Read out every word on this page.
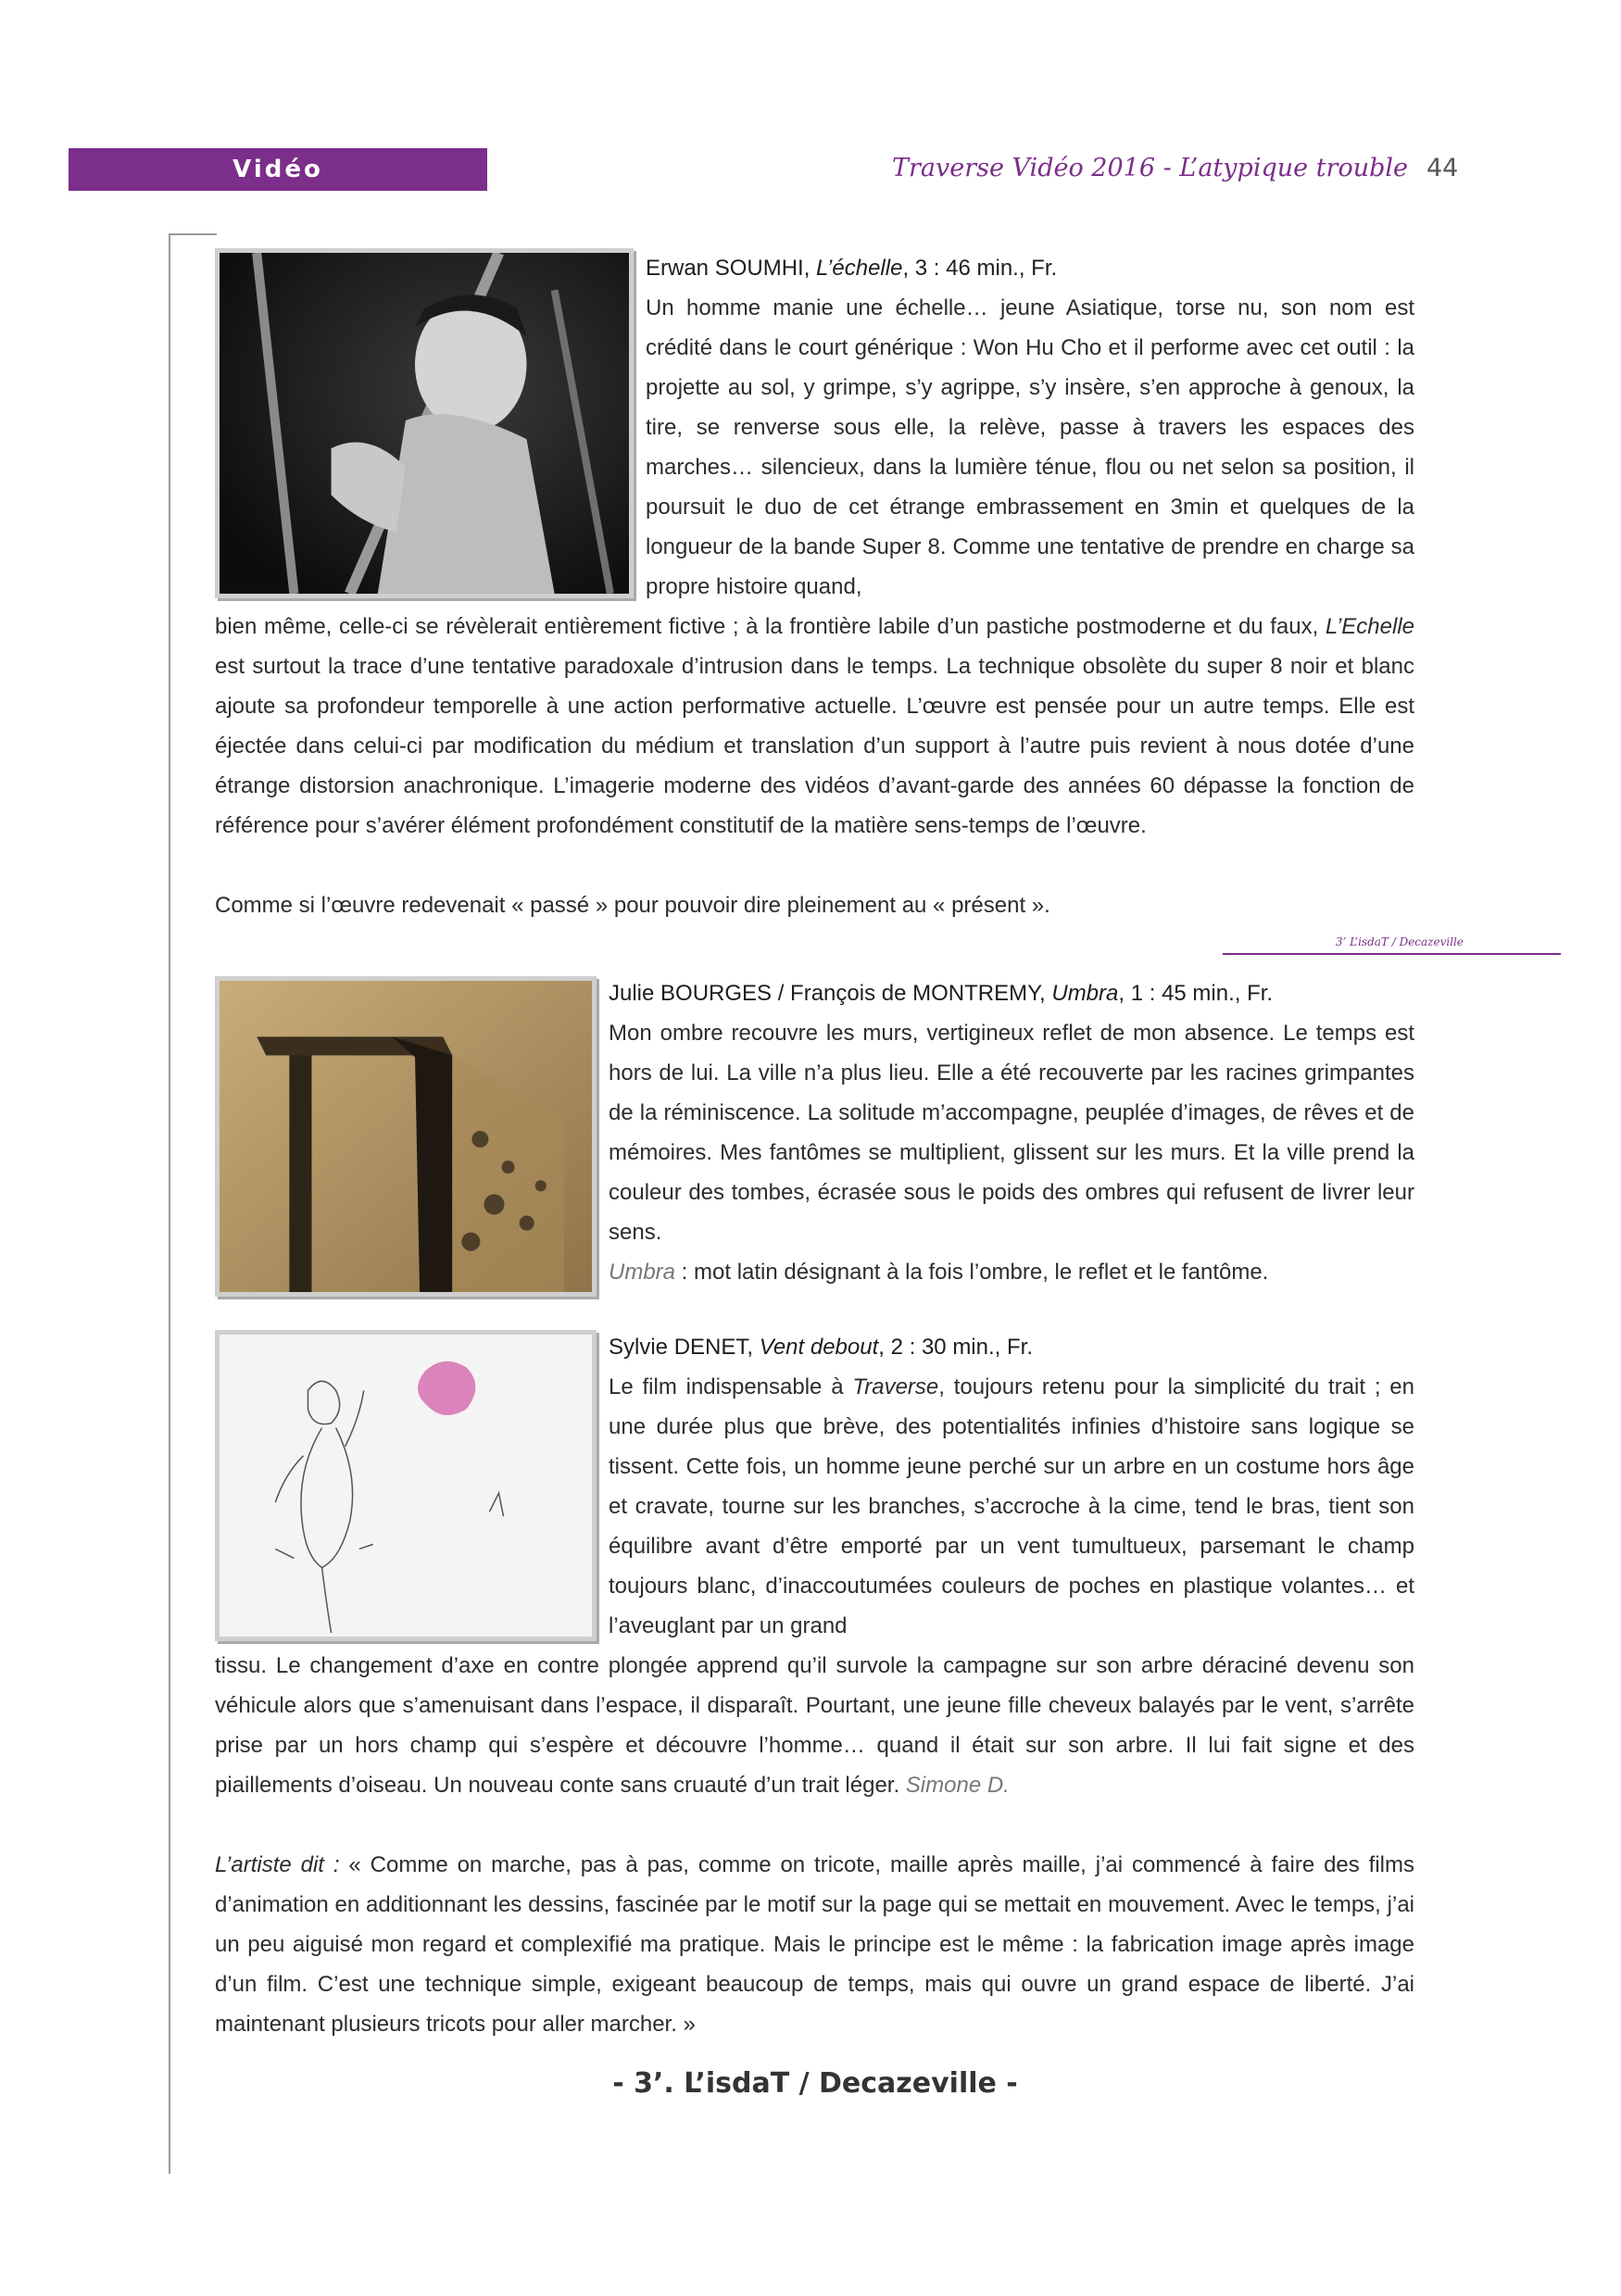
Vidéo	Traverse Vidéo 2016 - L’atypique trouble 44
Erwan SOUMHI, L’échelle, 3 : 46 min., Fr.
Un homme manie une échelle… jeune Asiatique, torse nu, son nom est crédité dans le court générique : Won Hu Cho et il performe avec cet outil : la projette au sol, y grimpe, s’y agrippe, s’y insère, s’en approche à genoux, la tire, se renverse sous elle, la relève, passe à travers les espaces des marches… silencieux, dans la lumière ténue, flou ou net selon sa position, il poursuit le duo de cet étrange embrassement en 3min et quelques de la longueur de la bande Super 8. Comme une tentative de prendre en charge sa propre histoire quand,
bien même, celle-ci se révèlerait entièrement fictive ; à la frontière labile d’un pastiche postmoderne et du faux, L’Echelle est surtout la trace d’une tentative paradoxale d’intrusion dans le temps. La technique obsolète du super 8 noir et blanc ajoute sa profondeur temporelle à une action performative actuelle. L’œuvre est pensée pour un autre temps. Elle est éjectée dans celui-ci par modification du médium et translation d’un support à l’autre puis revient à nous dotée d’une étrange distorsion anachronique. L’imagerie moderne des vidéos d’avant-garde des années 60 dépasse la fonction de référence pour s’avérer élément profondément constitutif de la matière sens-temps de l’œuvre.
Comme si l’œuvre redevenait « passé » pour pouvoir dire pleinement au « présent ».
3’ L’isdaT / Decazeville
Julie BOURGES / François de MONTREMY, Umbra, 1 : 45 min., Fr.
Mon ombre recouvre les murs, vertigineux reflet de mon absence. Le temps est hors de lui. La ville n’a plus lieu. Elle a été recouverte par les racines grimpantes de la réminiscence. La solitude m’accompagne, peuplée d’images, de rêves et de mémoires. Mes fantômes se multiplient, glissent sur les murs. Et la ville prend la couleur des tombes, écrasée sous le poids des ombres qui refusent de livrer leur sens.
Umbra : mot latin désignant à la fois l’ombre, le reflet et le fantôme.
Sylvie DENET, Vent debout, 2 : 30 min., Fr.
Le film indispensable à Traverse, toujours retenu pour la simplicité du trait ; en une durée plus que brève, des potentialités infinies d’histoire sans logique se tissent. Cette fois, un homme jeune perché sur un arbre en un costume hors âge et cravate, tourne sur les branches, s’accroche à la cime, tend le bras, tient son équilibre avant d’être emporté par un vent tumultueux, parsemant le champ toujours blanc, d’inaccoutumées couleurs de poches en plastique volantes… et l’aveuglant par un grand
tissu. Le changement d’axe en contre plongée apprend qu’il survole la campagne sur son arbre déraciné devenu son véhicule alors que s’amenuisant dans l’espace, il disparaît. Pourtant, une jeune fille cheveux balayés par le vent, s’arrête prise par un hors champ qui s’espère et découvre l’homme… quand il était sur son arbre. Il lui fait signe et des piaillements d’oiseau. Un nouveau conte sans cruauté d’un trait léger. Simone D.
L’artiste dit : « Comme on marche, pas à pas, comme on tricote, maille après maille, j’ai commencé à faire des films d’animation en additionnant les dessins, fascinée par le motif sur la page qui se mettait en mouvement. Avec le temps, j’ai un peu aiguisé mon regard et complexifié ma pratique. Mais le principe est le même : la fabrication image après image d’un film. C’est une technique simple, exigeant beaucoup de temps, mais qui ouvre un grand espace de liberté. J’ai maintenant plusieurs tricots pour aller marcher. »
- 3’. L’isdaT / Decazeville -
